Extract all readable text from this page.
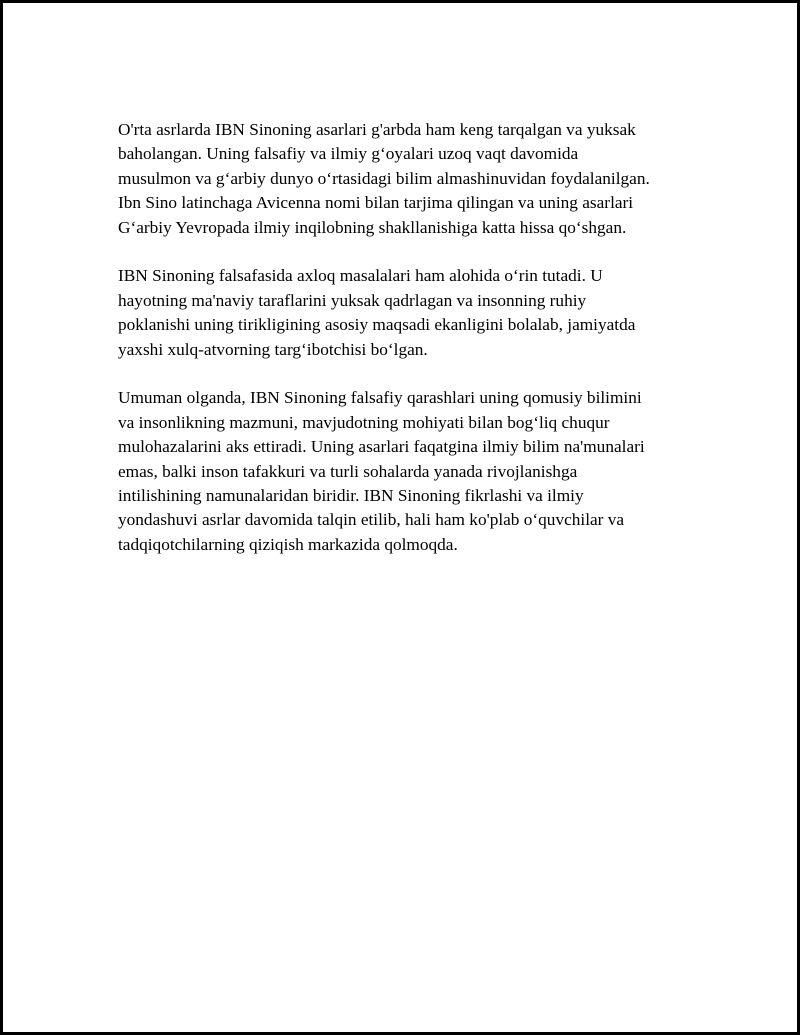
O'rta asrlarda IBN Sinoning asarlari g'arbda ham keng tarqalgan va yuksak
baholangan. Uning falsafiy va ilmiy g‘oyalari uzoq vaqt davomida
musulmon va g‘arbiy dunyo o‘rtasidagi bilim almashinuvidan foydalanilgan.
Ibn Sino latinchaga Avicenna nomi bilan tarjima qilingan va uning asarlari
G‘arbiy Yevropada ilmiy inqilobning shakllanishiga katta hissa qo‘shgan.

IBN Sinoning falsafasida axloq masalalari ham alohida o‘rin tutadi. U
hayotning ma'naviy taraflarini yuksak qadrlagan va insonning ruhiy
poklanishi uning tirikligining asosiy maqsadi ekanligini bolalab, jamiyatda
yaxshi xulq-atvorning targ‘ibotchisi bo‘lgan.

Umuman olganda, IBN Sinoning falsafiy qarashlari uning qomusiy bilimini
va insonlikning mazmuni, mavjudotning mohiyati bilan bog‘liq chuqur
mulohazalarini aks ettiradi. Uning asarlari faqatgina ilmiy bilim na'munalari
emas, balki inson tafakkuri va turli sohalarda yanada rivojlanishga
intilishining namunalaridan biridir. IBN Sinoning fikrlashi va ilmiy
yondashuvi asrlar davomida talqin etilib, hali ham ko'plab o‘quvchilar va
tadqiqotchilarning qiziqish markazida qolmoqda.
